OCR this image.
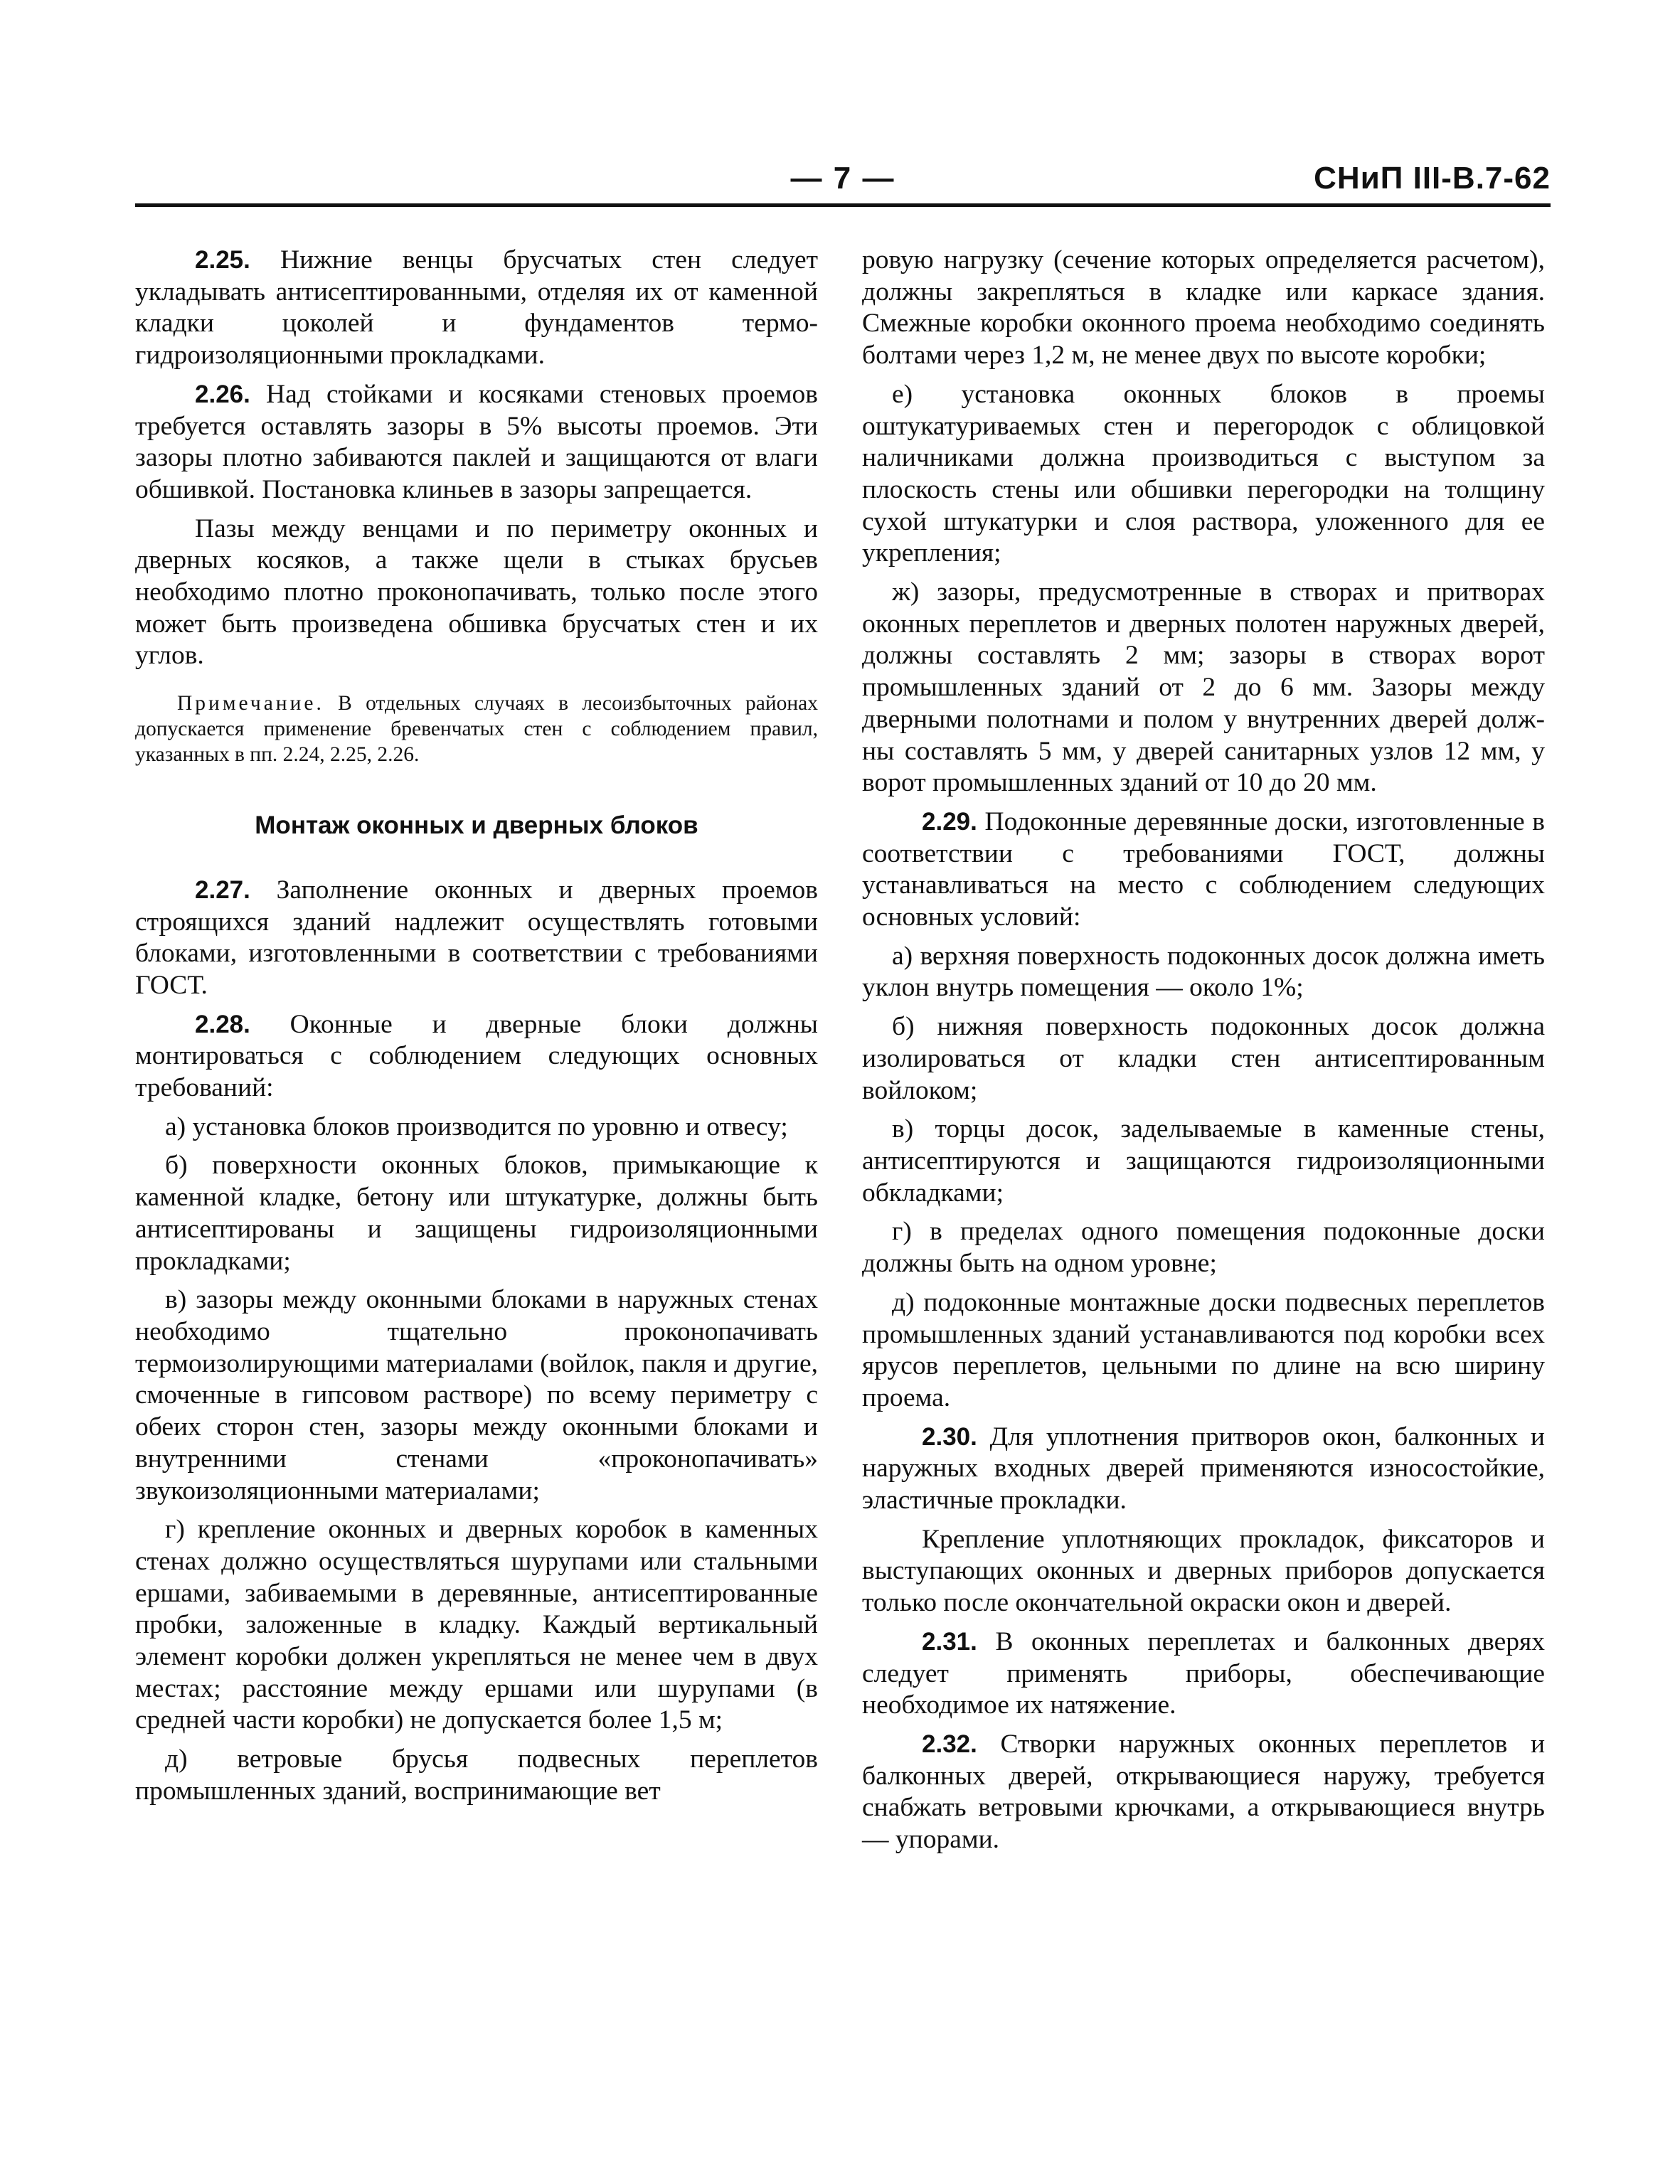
— 7 —	СНиП III-В.7-62

2.25. Нижние венцы брусчатых стен следует укладывать антисептированными, отделяя их от каменной кладки цоколей и фундаментов термо-гидроизоляционными прокладками.

2.26. Над стойками и косяками стеновых проемов требуется оставлять зазоры в 5% высоты проемов. Эти зазоры плотно забиваются паклей и защищаются от влаги обшивкой. Постановка клиньев в зазоры запрещается.

Пазы между венцами и по периметру оконных и дверных косяков, а также щели в стыках брусьев необходимо плотно проконопачивать, только после этого может быть произведена обшивка брусчатых стен и их углов.

  Примечание. В отдельных случаях в лесоизбыточных районах допускается применение бревенчатых стен с соблюдением правил, указанных в пп. 2.24, 2.25, 2.26.

Монтаж оконных и дверных блоков

2.27. Заполнение оконных и дверных проемов строящихся зданий надлежит осуществлять готовыми блоками, изготовленными в соответствии с требованиями ГОСТ.

2.28. Оконные и дверные блоки должны монтироваться с соблюдением следующих основных требований:

а) установка блоков производится по уровню и отвесу;

б) поверхности оконных блоков, примыкающие к каменной кладке, бетону или штукатурке, должны быть антисептированы и защищены гидроизоляционными прокладками;

в) зазоры между оконными блоками в наружных стенах необходимо тщательно проконопачивать термоизолирующими материалами (войлок, пакля и другие, смоченные в гипсовом растворе) по всему периметру с обеих сторон стен, зазоры между оконными блоками и внутренними стенами «проконопачивать» звукоизоляционными материалами;

г) крепление оконных и дверных коробок в каменных стенах должно осуществляться шурупами или стальными ершами, забиваемыми в деревянные, антисептированные пробки, заложенные в кладку. Каждый вертикальный элемент коробки должен укрепляться не менее чем в двух местах; расстояние между ершами или шурупами (в средней части коробки) не допускается более 1,5 м;

д) ветровые брусья подвесных переплетов промышленных зданий, воспринимающие вет

ровую нагрузку (сечение которых определяется расчетом), должны закрепляться в кладке или каркасе здания. Смежные коробки оконного проема необходимо соединять болтами через 1,2 м, не менее двух по высоте коробки;

е) установка оконных блоков в проемы оштукатуриваемых стен и перегородок с облицовкой наличниками должна производиться с выступом за плоскость стены или обшивки перегородки на толщину сухой штукатурки и слоя раствора, уложенного для ее укрепления;

ж) зазоры, предусмотренные в створах и притворах оконных переплетов и дверных полотен наружных дверей, должны составлять 2 мм; зазоры в створах ворот промышленных зданий от 2 до 6 мм. Зазоры между дверными полотнами и полом у внутренних дверей должны составлять 5 мм, у дверей санитарных узлов 12 мм, у ворот промышленных зданий от 10 до 20 мм.

2.29. Подоконные деревянные доски, изготовленные в соответствии с требованиями ГОСТ, должны устанавливаться на место с соблюдением следующих основных условий:

а) верхняя поверхность подоконных досок должна иметь уклон внутрь помещения — около 1%;

б) нижняя поверхность подоконных досок должна изолироваться от кладки стен антисептированным войлоком;

в) торцы досок, заделываемые в каменные стены, антисептируются и защищаются гидроизоляционными обкладками;

г) в пределах одного помещения подоконные доски должны быть на одном уровне;

д) подоконные монтажные доски подвесных переплетов промышленных зданий устанавливаются под коробки всех ярусов переплетов, цельными по длине на всю ширину проема.

2.30. Для уплотнения притворов окон, балконных и наружных входных дверей применяются износостойкие, эластичные прокладки.

Крепление уплотняющих прокладок, фиксаторов и выступающих оконных и дверных приборов допускается только после окончательной окраски окон и дверей.

2.31. В оконных переплетах и балконных дверях следует применять приборы, обеспечивающие необходимое их натяжение.

2.32. Створки наружных оконных переплетов и балконных дверей, открывающиеся наружу, требуется снабжать ветровыми крючками, а открывающиеся внутрь — упорами.
